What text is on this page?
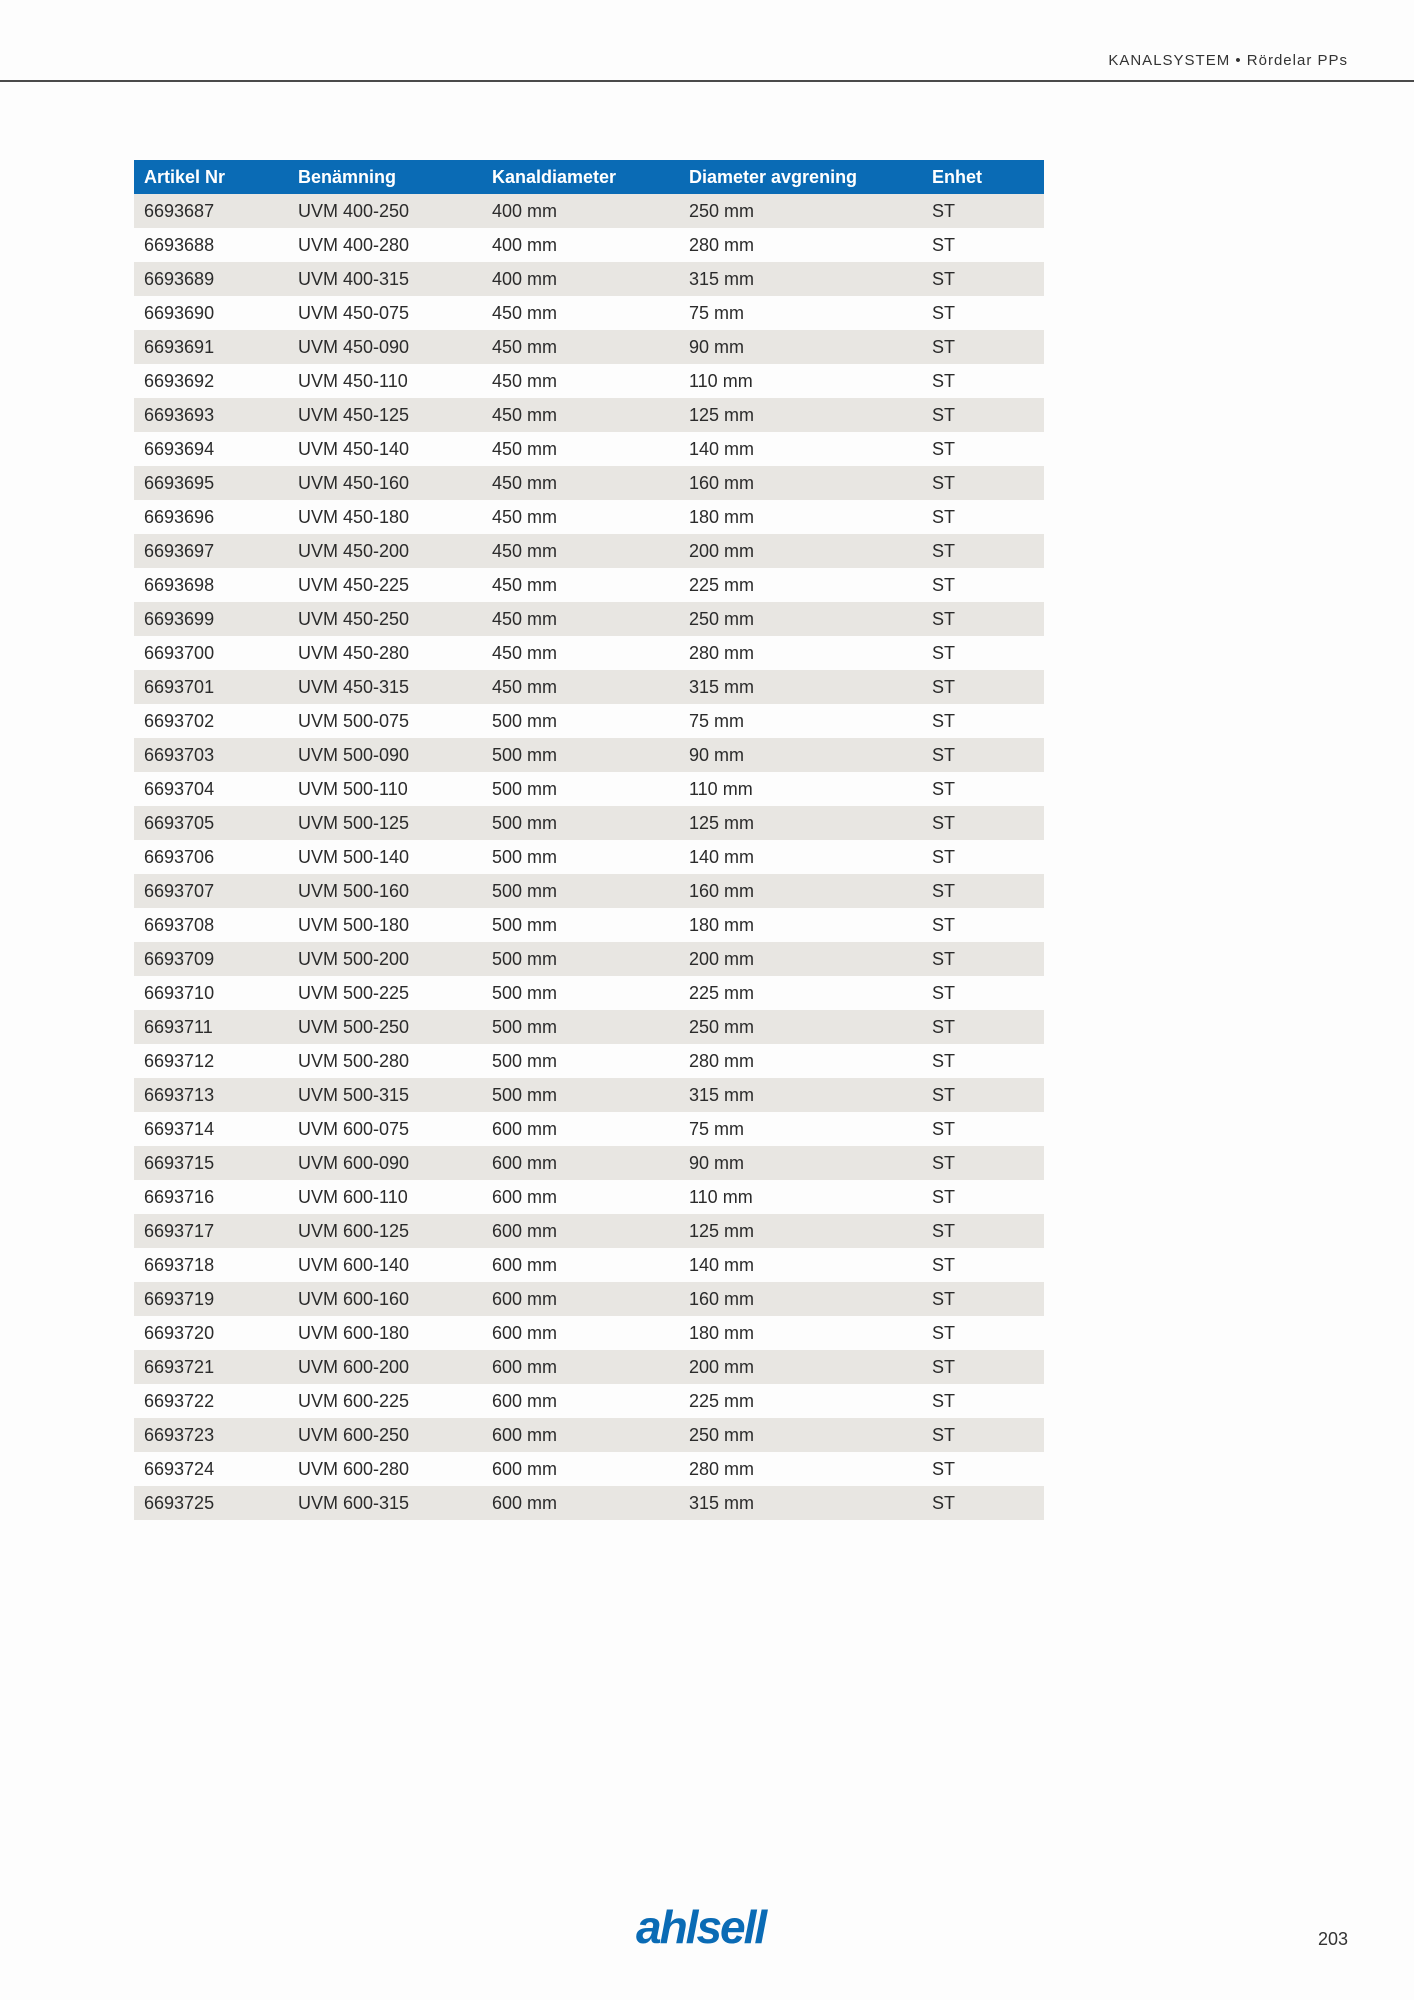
KANALSYSTEM • Rördelar PPs
Artikel Nr	Benämning	Kanaldiameter	Diameter avgrening	Enhet
6693687	UVM 400-250	400 mm	250 mm	ST
6693688	UVM 400-280	400 mm	280 mm	ST
6693689	UVM 400-315	400 mm	315 mm	ST
6693690	UVM 450-075	450 mm	75 mm	ST
6693691	UVM 450-090	450 mm	90 mm	ST
6693692	UVM 450-110	450 mm	110 mm	ST
6693693	UVM 450-125	450 mm	125 mm	ST
6693694	UVM 450-140	450 mm	140 mm	ST
6693695	UVM 450-160	450 mm	160 mm	ST
6693696	UVM 450-180	450 mm	180 mm	ST
6693697	UVM 450-200	450 mm	200 mm	ST
6693698	UVM 450-225	450 mm	225 mm	ST
6693699	UVM 450-250	450 mm	250 mm	ST
6693700	UVM 450-280	450 mm	280 mm	ST
6693701	UVM 450-315	450 mm	315 mm	ST
6693702	UVM 500-075	500 mm	75 mm	ST
6693703	UVM 500-090	500 mm	90 mm	ST
6693704	UVM 500-110	500 mm	110 mm	ST
6693705	UVM 500-125	500 mm	125 mm	ST
6693706	UVM 500-140	500 mm	140 mm	ST
6693707	UVM 500-160	500 mm	160 mm	ST
6693708	UVM 500-180	500 mm	180 mm	ST
6693709	UVM 500-200	500 mm	200 mm	ST
6693710	UVM 500-225	500 mm	225 mm	ST
6693711	UVM 500-250	500 mm	250 mm	ST
6693712	UVM 500-280	500 mm	280 mm	ST
6693713	UVM 500-315	500 mm	315 mm	ST
6693714	UVM 600-075	600 mm	75 mm	ST
6693715	UVM 600-090	600 mm	90 mm	ST
6693716	UVM 600-110	600 mm	110 mm	ST
6693717	UVM 600-125	600 mm	125 mm	ST
6693718	UVM 600-140	600 mm	140 mm	ST
6693719	UVM 600-160	600 mm	160 mm	ST
6693720	UVM 600-180	600 mm	180 mm	ST
6693721	UVM 600-200	600 mm	200 mm	ST
6693722	UVM 600-225	600 mm	225 mm	ST
6693723	UVM 600-250	600 mm	250 mm	ST
6693724	UVM 600-280	600 mm	280 mm	ST
6693725	UVM 600-315	600 mm	315 mm	ST
ahlsell	203
